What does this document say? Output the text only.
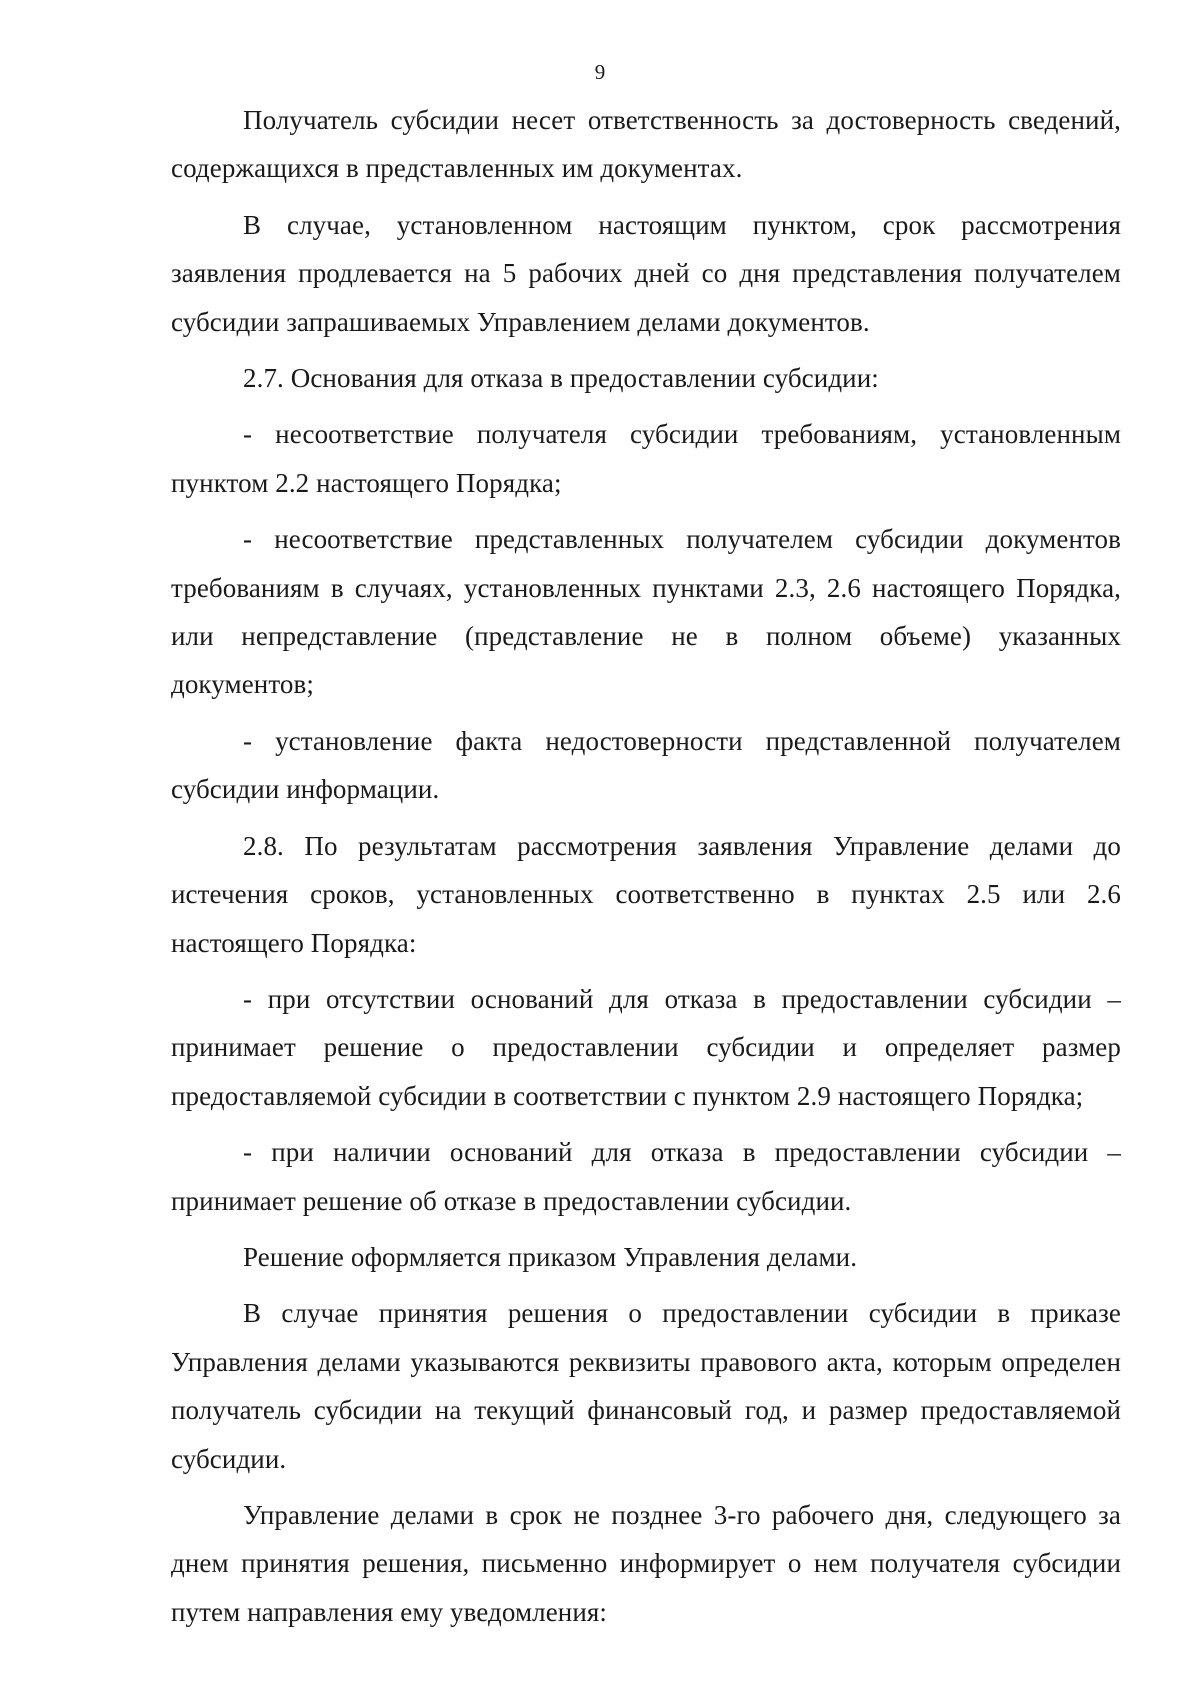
9

Получатель субсидии несет ответственность за достоверность сведений, содержащихся в представленных им документах.

В случае, установленном настоящим пунктом, срок рассмотрения заявления продлевается на 5 рабочих дней со дня представления получателем субсидии запрашиваемых Управлением делами документов.

2.7. Основания для отказа в предоставлении субсидии:

- несоответствие получателя субсидии требованиям, установленным пунктом 2.2 настоящего Порядка;

- несоответствие представленных получателем субсидии документов требованиям в случаях, установленных пунктами 2.3, 2.6 настоящего Порядка, или непредставление (представление не в полном объеме) указанных документов;

- установление факта недостоверности представленной получателем субсидии информации.

2.8. По результатам рассмотрения заявления Управление делами до истечения сроков, установленных соответственно в пунктах 2.5 или 2.6 настоящего Порядка:

- при отсутствии оснований для отказа в предоставлении субсидии – принимает решение о предоставлении субсидии и определяет размер предоставляемой субсидии в соответствии с пунктом 2.9 настоящего Порядка;

- при наличии оснований для отказа в предоставлении субсидии – принимает решение об отказе в предоставлении субсидии.

Решение оформляется приказом Управления делами.

В случае принятия решения о предоставлении субсидии в приказе Управления делами указываются реквизиты правового акта, которым определен получатель субсидии на текущий финансовый год, и размер предоставляемой субсидии.

Управление делами в срок не позднее 3-го рабочего дня, следующего за днем принятия решения, письменно информирует о нем получателя субсидии путем направления ему уведомления:
